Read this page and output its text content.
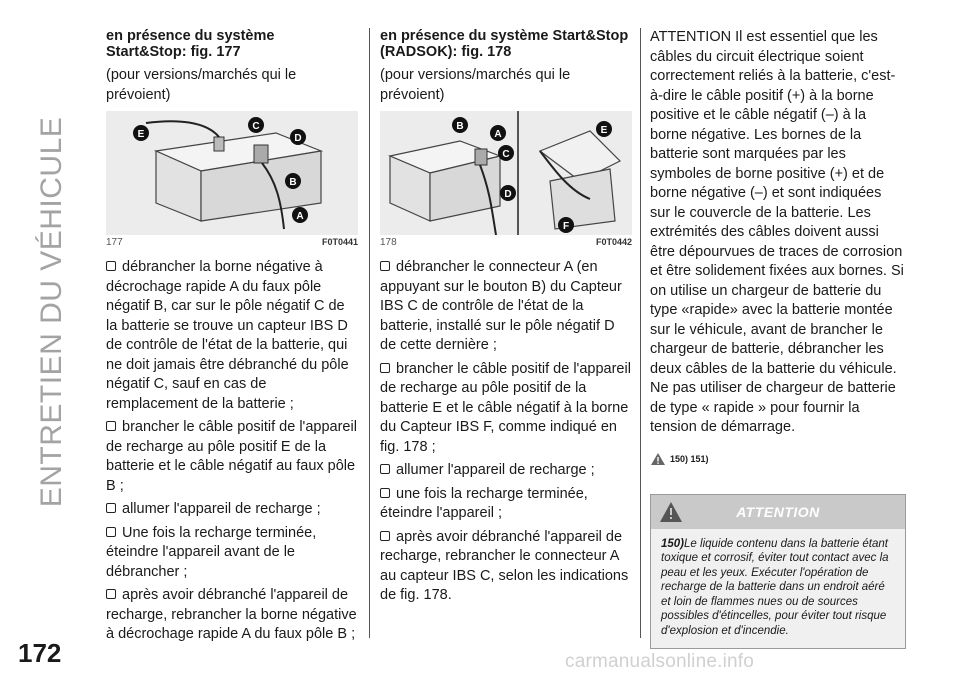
ENTRETIEN DU VÉHICULE
172	carmanualsonline.info
en présence du système Start&Stop: fig. 177

(pour versions/marchés qui le prévoient)

E
C
D
B
A
177	F0T0441

débrancher la borne négative à décrochage rapide A du faux pôle négatif B, car sur le pôle négatif C de la batterie se trouve un capteur IBS D de contrôle de l'état de la batterie, qui ne doit jamais être débranché du pôle négatif C, sauf en cas de remplacement de la batterie ;

brancher le câble positif de l'appareil de recharge au pôle positif E de la batterie et le câble négatif au faux pôle B ;

allumer l'appareil de recharge ;

Une fois la recharge terminée, éteindre l'appareil avant de le débrancher ;

après avoir débranché l'appareil de recharge, rebrancher la borne négative à décrochage rapide A du faux pôle B ;

en présence du système Start&Stop (RADSOK): fig. 178

(pour versions/marchés qui le prévoient)

B
A
C
D
E
F
178	F0T0442

débrancher le connecteur A (en appuyant sur le bouton B) du Capteur IBS C de contrôle de l'état de la batterie, installé sur le pôle négatif D de cette dernière ;

brancher le câble positif de l'appareil de recharge au pôle positif de la batterie E et le câble négatif à la borne du Capteur IBS F, comme indiqué en fig. 178 ;

allumer l'appareil de recharge ;

une fois la recharge terminée, éteindre l'appareil ;

après avoir débranché l'appareil de recharge, rebrancher le connecteur A au capteur IBS C, selon les indications de fig. 178.

ATTENTION Il est essentiel que les câbles du circuit électrique soient correctement reliés à la batterie, c'est-à-dire le câble positif (+) à la borne positive et le câble négatif (–) à la borne négative. Les bornes de la batterie sont marquées par les symboles de borne positive (+) et de borne négative (–) et sont indiquées sur le couvercle de la batterie. Les extrémités des câbles doivent aussi être dépourvues de traces de corrosion et être solidement fixées aux bornes. Si on utilise un chargeur de batterie du type «rapide» avec la batterie montée sur le véhicule, avant de brancher le chargeur de batterie, débrancher les deux câbles de la batterie du véhicule. Ne pas utiliser de chargeur de batterie de type « rapide » pour fournir la tension de démarrage.

150) 151)
ATTENTION
150)Le liquide contenu dans la batterie étant toxique et corrosif, éviter tout contact avec la peau et les yeux. Exécuter l'opération de recharge de la batterie dans un endroit aéré et loin de flammes nues ou de sources possibles d'étincelles, pour éviter tout risque d'explosion et d'incendie.
